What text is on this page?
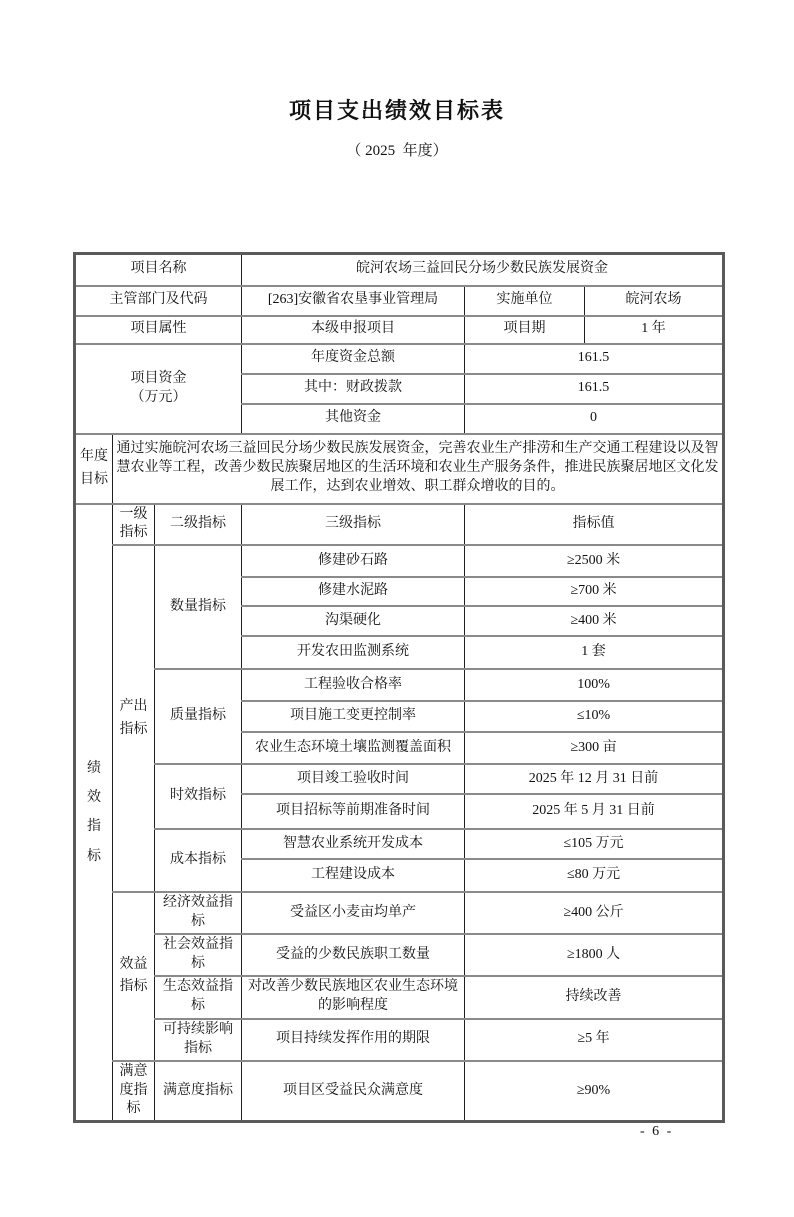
项目支出绩效目标表
（ 2025  年度）
项目名称			皖河农场三益回民分场少数民族发展资金		
主管部门及代码			[263]安徽省农垦事业管理局	实施单位	皖河农场
项目属性			本级申报项目	项目期	1 年

项目资金
（万元）			年度资金总额	161.5	
			其中：财政拨款	161.5	
			其他资金	0	

年度目标	通过实施皖河农场三益回民分场少数民族发展资金，完善农业生产排涝和生产交通工程建设以及智慧农业等工程，改善少数民族聚居地区的生活环境和农业生产服务条件，推进民族聚居地区文化发展工作，达到农业增效、职工群众增收的目的。				

绩效指标	一级指标	二级指标	三级指标	指标值	

	产出指标	数量指标	修建砂石路	≥2500 米	
			修建水泥路	≥700 米	
			沟渠硬化	≥400 米	
			开发农田监测系统	1 套	
		质量指标	工程验收合格率	100%	
			项目施工变更控制率	≤10%	
			农业生态环境土壤监测覆盖面积	≥300 亩	
		时效指标	项目竣工验收时间	2025 年 12 月 31 日前	
			项目招标等前期准备时间	2025 年 5 月 31 日前	
		成本指标	智慧农业系统开发成本	≤105 万元	
			工程建设成本	≤80 万元	

	效益指标	经济效益指标	受益区小麦亩均单产	≥400 公斤	
		社会效益指标	受益的少数民族职工数量	≥1800 人	
		生态效益指标	对改善少数民族地区农业生态环境的影响程度	持续改善	
		可持续影响指标	项目持续发挥作用的期限	≥5 年	
	满意度指标	满意度指标	项目区受益民众满意度	≥90%	
- 6 -
